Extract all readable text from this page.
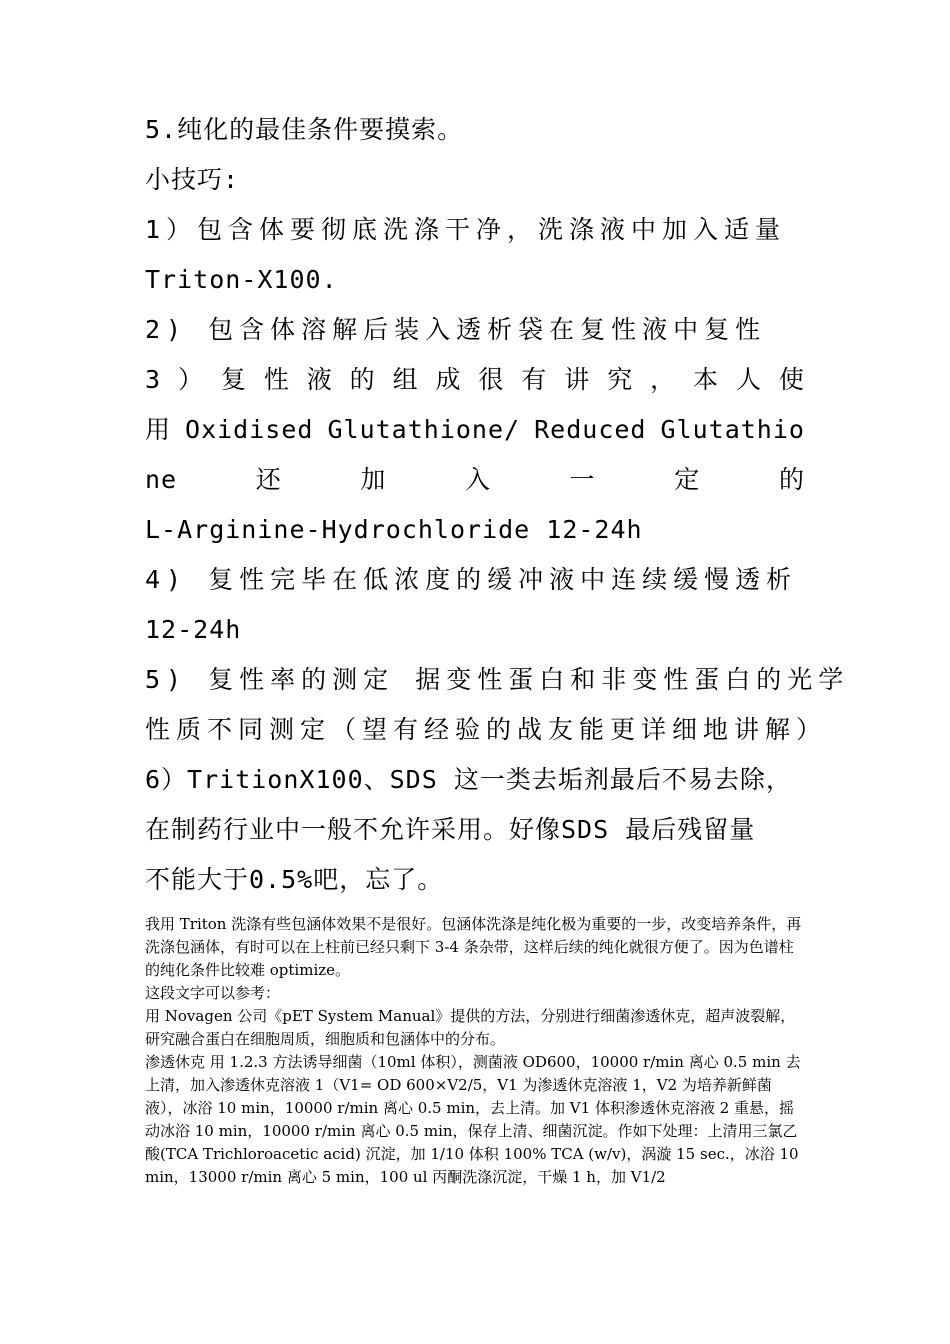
5.纯化的最佳条件要摸索。
小技巧:
1）包含体要彻底洗涤干净，洗涤液中加入适量
Triton-X100.
2) 包含体溶解后装入透析袋在复性液中复性
3 ） 复 性 液 的 组 成 很 有 讲 究 ， 本 人 使
用 Oxidised Glutathione/ Reduced Glutathio
ne	还	加	入	一	定	的
L-Arginine-Hydrochloride 12-24h
4) 复性完毕在低浓度的缓冲液中连续缓慢透析
12-24h
5) 复性率的测定 据变性蛋白和非变性蛋白的光学
性质不同测定（望有经验的战友能更详细地讲解）
6）TritionX100、SDS 这一类去垢剂最后不易去除，
在制药行业中一般不允许采用。好像SDS 最后残留量
不能大于0.5%吧，忘了。

我用 Triton 洗涤有些包涵体效果不是很好。包涵体洗涤是纯化极为重要的一步，改变培养条件，再洗涤包涵体，有时可以在上柱前已经只剩下 3-4 条杂带，这样后续的纯化就很方便了。因为色谱柱的纯化条件比较难 optimize。

这段文字可以参考：

用 Novagen 公司《pET System Manual》提供的方法，分别进行细菌渗透休克，超声波裂解，研究融合蛋白在细胞周质，细胞质和包涵体中的分布。

渗透休克 用 1.2.3 方法诱导细菌（10ml 体积），测菌液 OD600，10000 r/min 离心 0.5 min 去上清，加入渗透休克溶液 1（V1= OD 600×V2/5，V1 为渗透休克溶液 1，V2 为培养新鲜菌液），冰浴 10 min，10000 r/min 离心 0.5 min，去上清。加 V1 体积渗透休克溶液 2 重悬，摇动冰浴 10 min，10000 r/min 离心 0.5 min，保存上清、细菌沉淀。作如下处理：上清用三氯乙酸(TCA Trichloroacetic acid) 沉淀，加 1/10 体积 100% TCA (w/v)，涡漩 15 sec.，冰浴 10 min，13000 r/min 离心 5 min，100 ul 丙酮洗涤沉淀，干燥 1 h，加 V1/2
